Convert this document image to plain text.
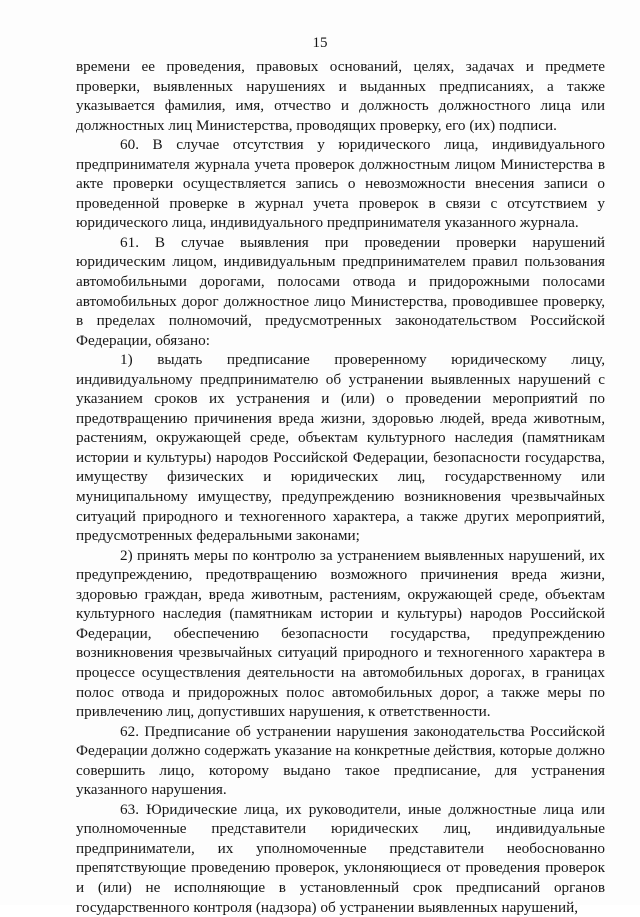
15

времени ее проведения, правовых оснований, целях, задачах и предмете проверки, выявленных нарушениях и выданных предписаниях, а также указывается фамилия, имя, отчество и должность должностного лица или должностных лиц Министерства, проводящих проверку, его (их) подписи.

60. В случае отсутствия у юридического лица, индивидуального предпринимателя журнала учета проверок должностным лицом Министерства в акте проверки осуществляется запись о невозможности внесения записи о проведенной проверке в журнал учета проверок в связи с отсутствием у юридического лица, индивидуального предпринимателя указанного журнала.

61. В случае выявления при проведении проверки нарушений юридическим лицом, индивидуальным предпринимателем правил пользования автомобильными дорогами, полосами отвода и придорожными полосами автомобильных дорог должностное лицо Министерства, проводившее проверку, в пределах полномочий, предусмотренных законодательством Российской Федерации, обязано:

1) выдать предписание проверенному юридическому лицу, индивидуальному предпринимателю об устранении выявленных нарушений с указанием сроков их устранения и (или) о проведении мероприятий по предотвращению причинения вреда жизни, здоровью людей, вреда животным, растениям, окружающей среде, объектам культурного наследия (памятникам истории и культуры) народов Российской Федерации, безопасности государства, имуществу физических и юридических лиц, государственному или муниципальному имуществу, предупреждению возникновения чрезвычайных ситуаций природного и техногенного характера, а также других мероприятий, предусмотренных федеральными законами;

2) принять меры по контролю за устранением выявленных нарушений, их предупреждению, предотвращению возможного причинения вреда жизни, здоровью граждан, вреда животным, растениям, окружающей среде, объектам культурного наследия (памятникам истории и культуры) народов Российской Федерации, обеспечению безопасности государства, предупреждению возникновения чрезвычайных ситуаций природного и техногенного характера в процессе осуществления деятельности на автомобильных дорогах, в границах полос отвода и придорожных полос автомобильных дорог, а также меры по привлечению лиц, допустивших нарушения, к ответственности.

62. Предписание об устранении нарушения законодательства Российской Федерации должно содержать указание на конкретные действия, которые должно совершить лицо, которому выдано такое предписание, для устранения указанного нарушения.

63. Юридические лица, их руководители, иные должностные лица или уполномоченные представители юридических лиц, индивидуальные предприниматели, их уполномоченные представители необоснованно препятствующие проведению проверок, уклоняющиеся от проведения проверок и (или) не исполняющие в установленный срок предписаний органов государственного контроля (надзора) об устранении выявленных нарушений,
